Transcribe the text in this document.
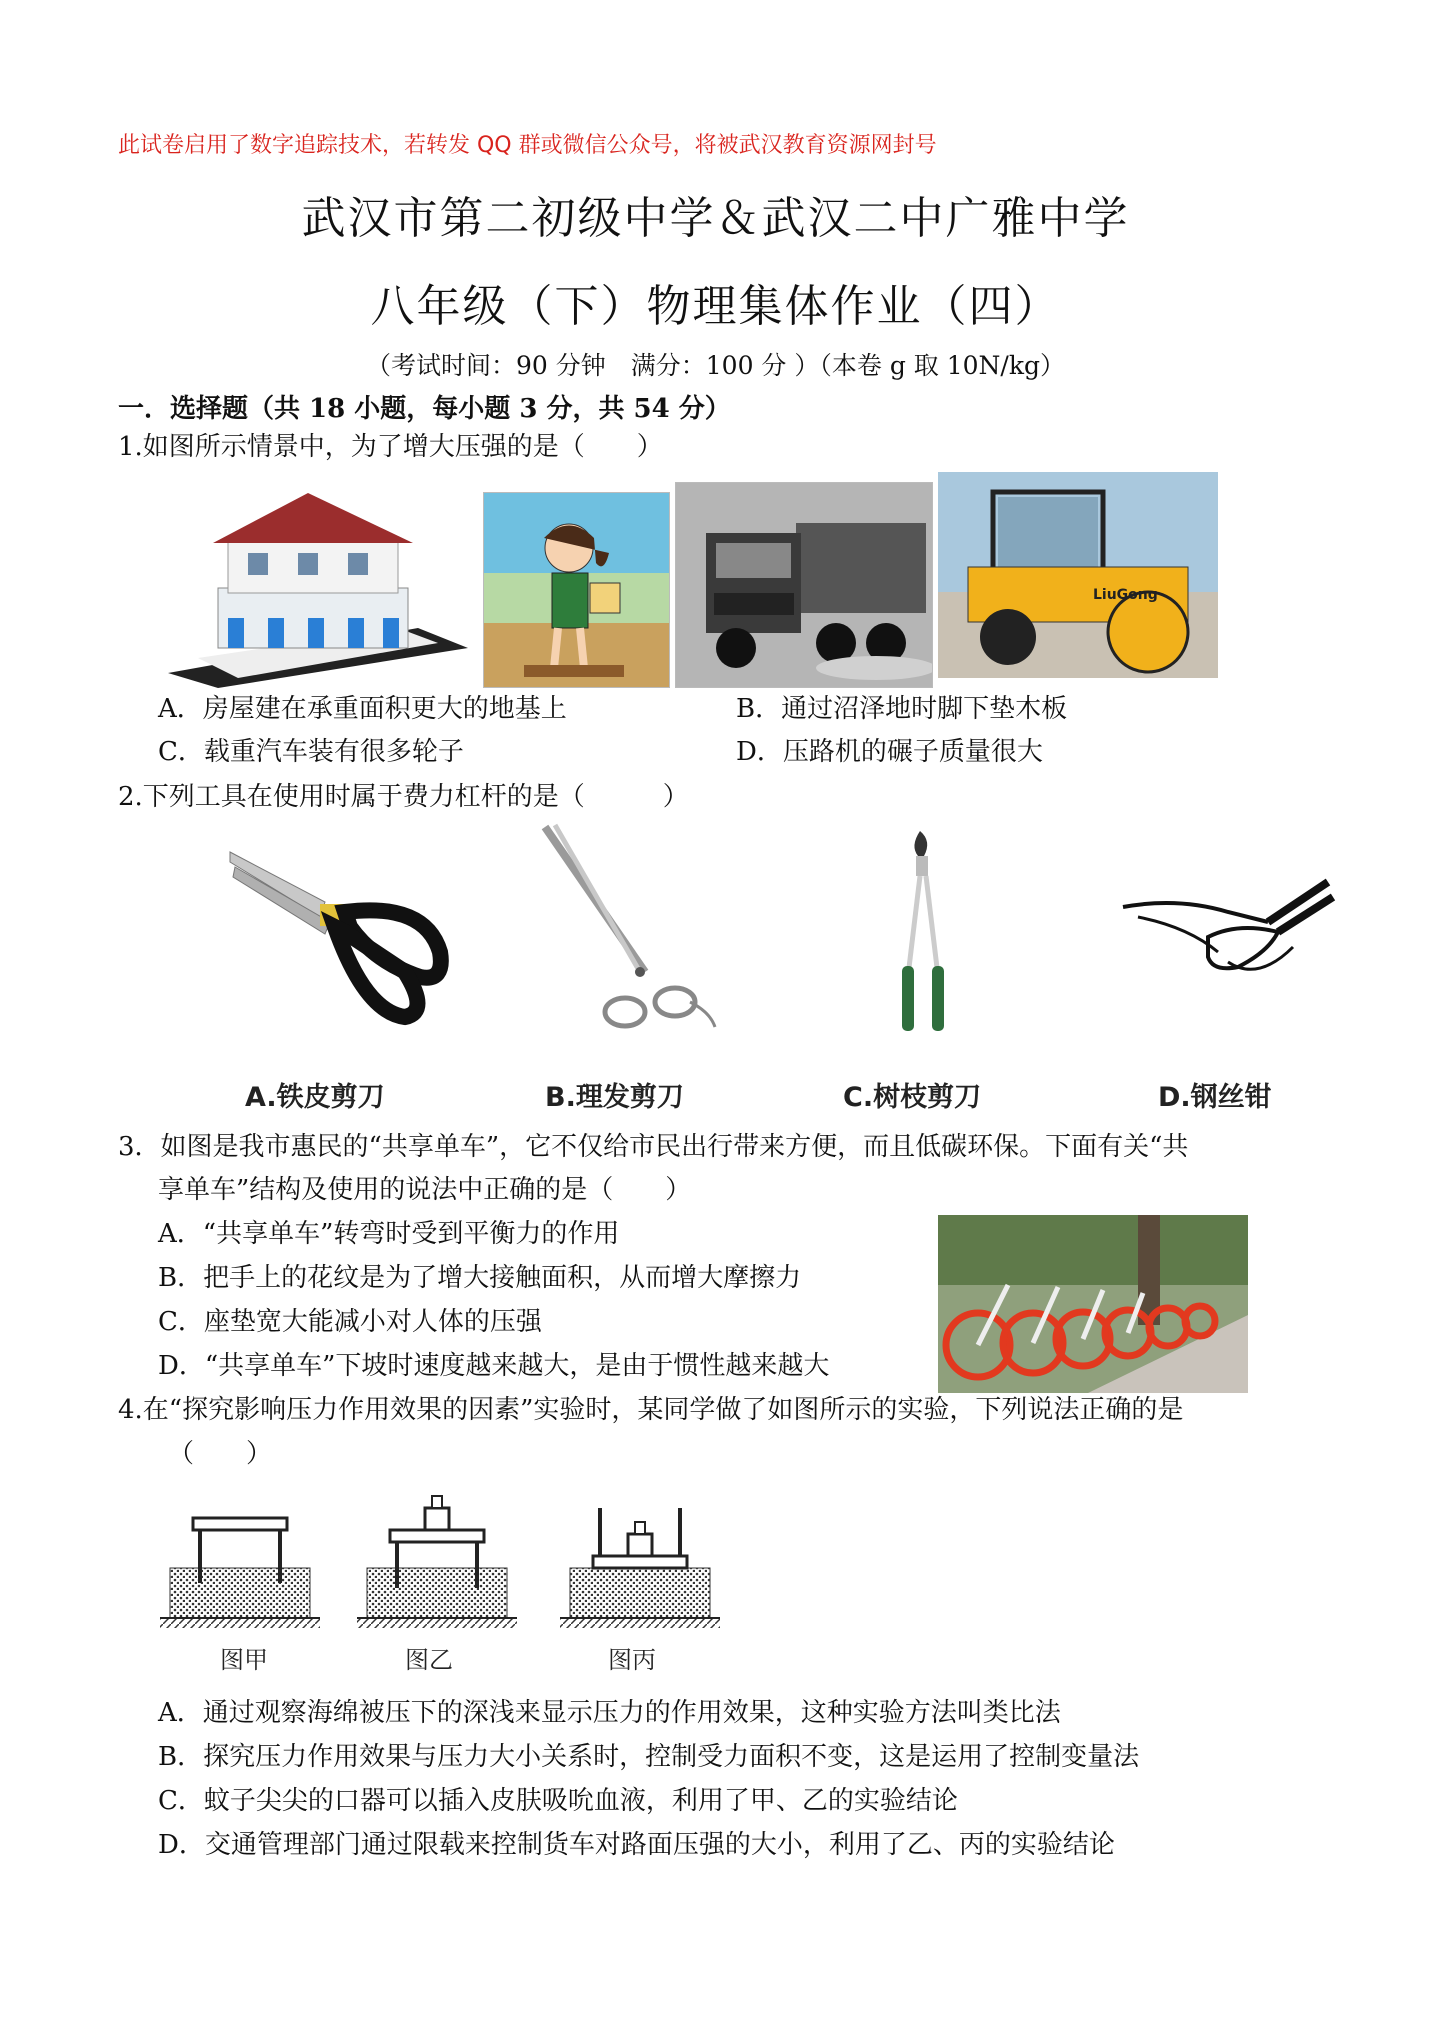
此试卷启用了数字追踪技术，若转发 QQ 群或微信公众号，将被武汉教育资源网封号
武汉市第二初级中学＆武汉二中广雅中学
八年级（下）物理集体作业（四）
（考试时间：90 分钟　满分：100 分 ）（本卷 g 取 10N/kg）
一．选择题（共 18 小题，每小题 3 分，共 54 分）
1.如图所示情景中，为了增大压强的是（　　）
LiuGong
A．房屋建在承重面积更大的地基上	B．通过沼泽地时脚下垫木板
C．载重汽车装有很多轮子	D．压路机的碾子质量很大
2.下列工具在使用时属于费力杠杆的是（　　　）
A.铁皮剪刀	B.理发剪刀	C.树枝剪刀	D.钢丝钳
3．如图是我市惠民的“共享单车”，它不仅给市民出行带来方便，而且低碳环保。下面有关“共
享单车”结构及使用的说法中正确的是（　　）
A．“共享单车”转弯时受到平衡力的作用
B．把手上的花纹是为了增大接触面积，从而增大摩擦力
C．座垫宽大能减小对人体的压强
D．“共享单车”下坡时速度越来越大，是由于惯性越来越大
4.在“探究影响压力作用效果的因素”实验时，某同学做了如图所示的实验，下列说法正确的是
（　　）
图甲	图乙	图丙
A．通过观察海绵被压下的深浅来显示压力的作用效果，这种实验方法叫类比法
B．探究压力作用效果与压力大小关系时，控制受力面积不变，这是运用了控制变量法
C．蚊子尖尖的口器可以插入皮肤吸吮血液，利用了甲、乙的实验结论
D．交通管理部门通过限载来控制货车对路面压强的大小，利用了乙、丙的实验结论
